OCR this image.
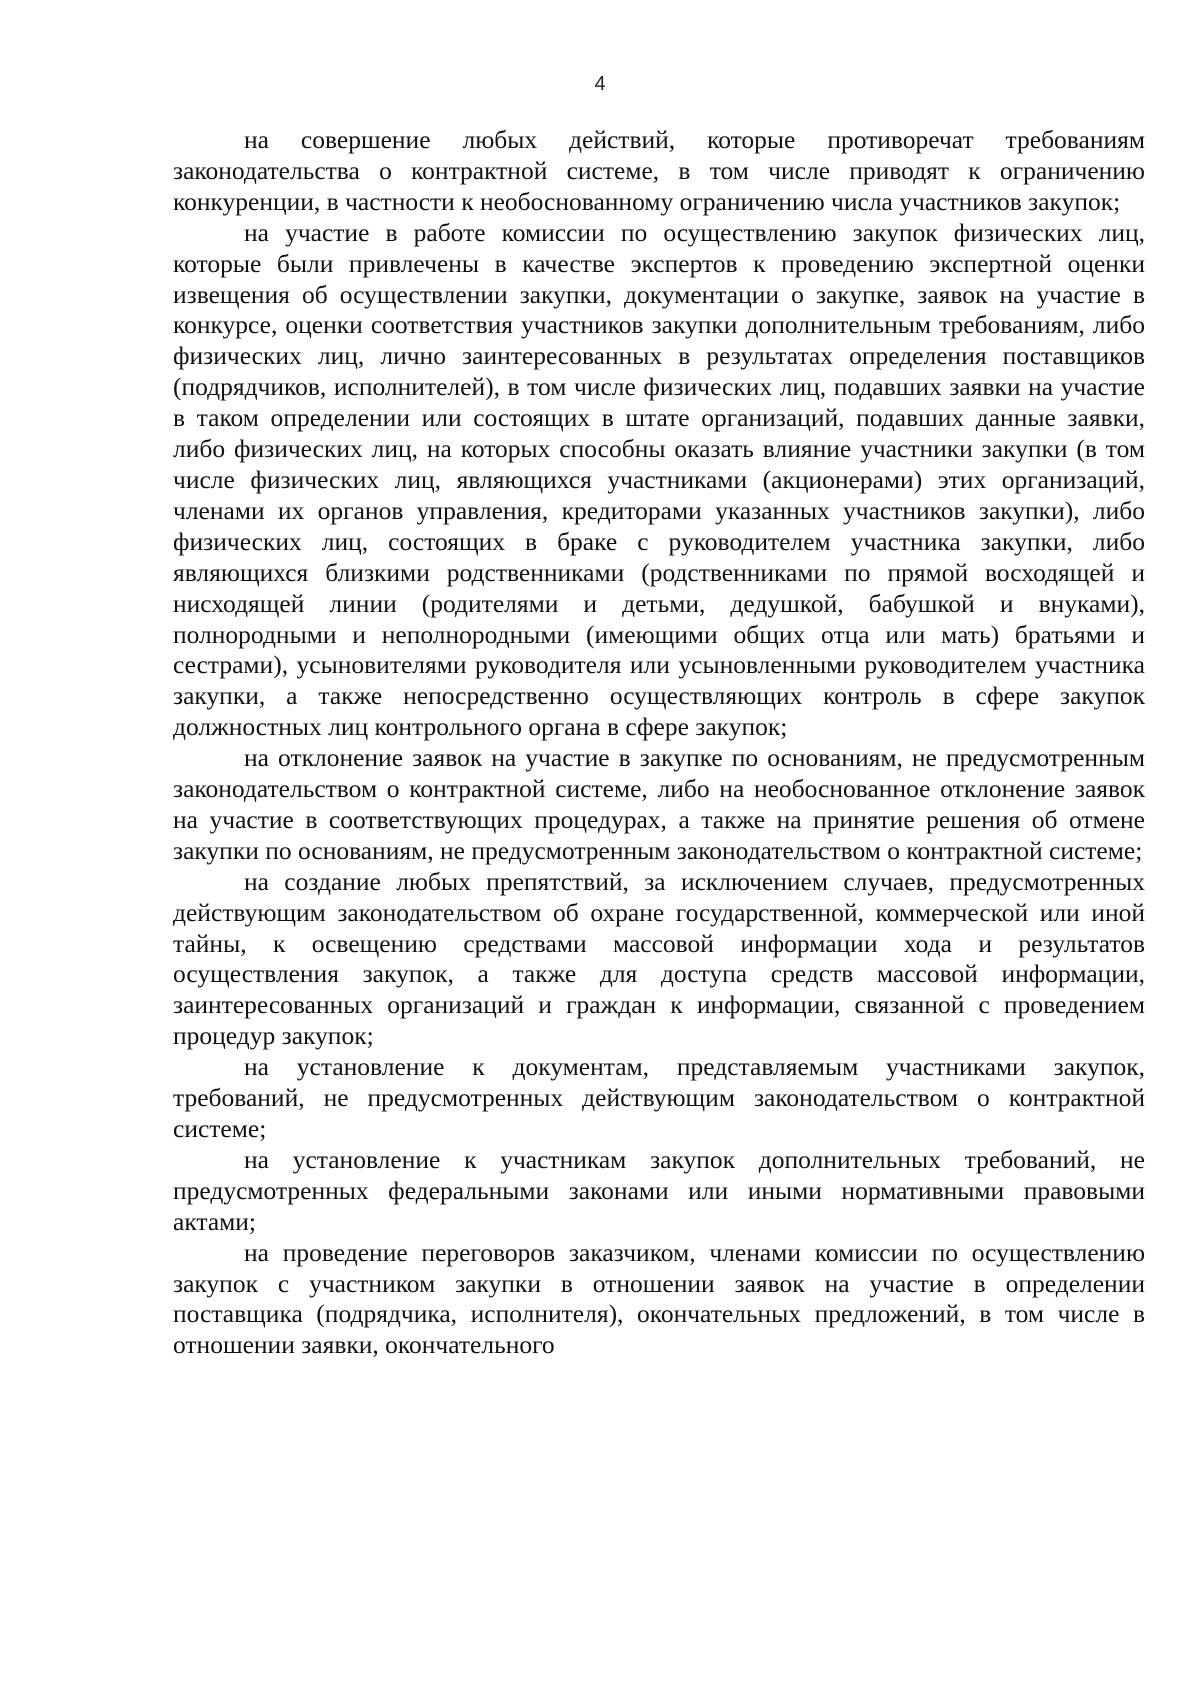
4

на совершение любых действий, которые противоречат требованиям законодательства о контрактной системе, в том числе приводят к ограничению конкуренции, в частности к необоснованному ограничению числа участников закупок;

на участие в работе комиссии по осуществлению закупок физических лиц, которые были привлечены в качестве экспертов к проведению экспертной оценки извещения об осуществлении закупки, документации о закупке, заявок на участие в конкурсе, оценки соответствия участников закупки дополнительным требованиям, либо физических лиц, лично заинтересованных в результатах определения поставщиков (подрядчиков, исполнителей), в том числе физических лиц, подавших заявки на участие в таком определении или состоящих в штате организаций, подавших данные заявки, либо физических лиц, на которых способны оказать влияние участники закупки (в том числе физических лиц, являющихся участниками (акционерами) этих организаций, членами их органов управления, кредиторами указанных участников закупки), либо физических лиц, состоящих в браке с руководителем участника закупки, либо являющихся близкими родственниками (родственниками по прямой восходящей и нисходящей линии (родителями и детьми, дедушкой, бабушкой и внуками), полнородными и неполнородными (имеющими общих отца или мать) братьями и сестрами), усыновителями руководителя или усыновленными руководителем участника закупки, а также непосредственно осуществляющих контроль в сфере закупок должностных лиц контрольного органа в сфере закупок;

на отклонение заявок на участие в закупке по основаниям, не предусмотренным законодательством о контрактной системе, либо на необоснованное отклонение заявок на участие в соответствующих процедурах, а также на принятие решения об отмене закупки по основаниям, не предусмотренным законодательством о контрактной системе;

на создание любых препятствий, за исключением случаев, предусмотренных действующим законодательством об охране государственной, коммерческой или иной тайны, к освещению средствами массовой информации хода и результатов осуществления закупок, а также для доступа средств массовой информации, заинтересованных организаций и граждан к информации, связанной с проведением процедур закупок;

на установление к документам, представляемым участниками закупок, требований, не предусмотренных действующим законодательством о контрактной системе;

на установление к участникам закупок дополнительных требований, не предусмотренных федеральными законами или иными нормативными правовыми актами;

на проведение переговоров заказчиком, членами комиссии по осуществлению закупок с участником закупки в отношении заявок на участие в определении поставщика (подрядчика, исполнителя), окончательных предложений, в том числе в отношении заявки, окончательного
